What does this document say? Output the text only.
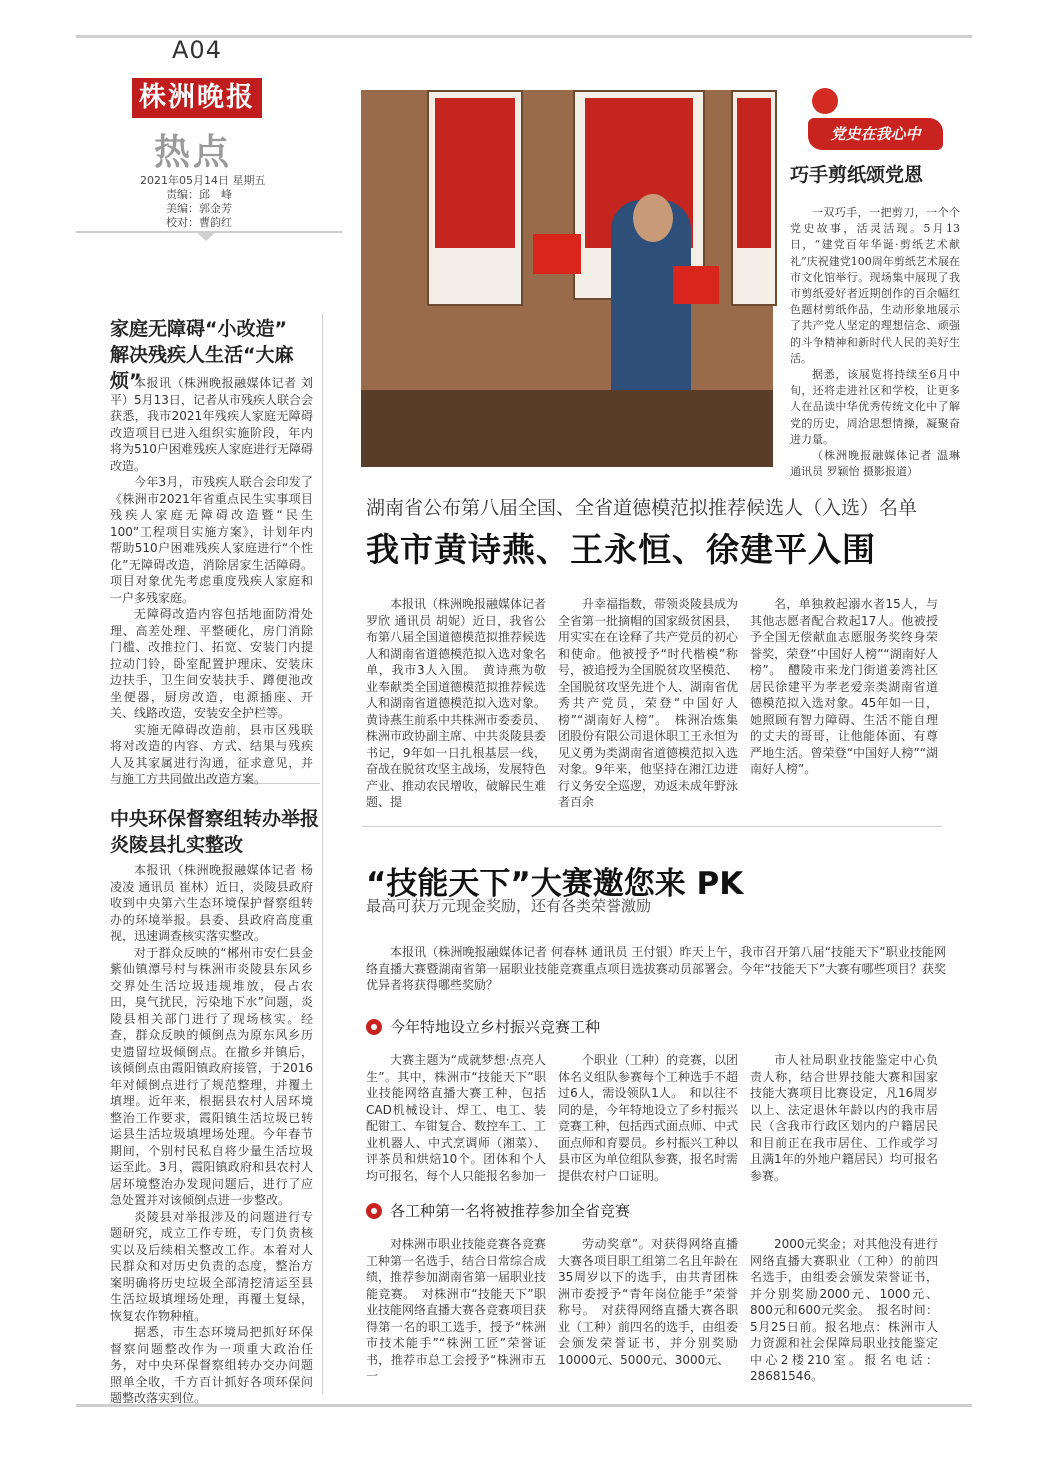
A04
株洲晚报
热点
2021年05月14日 星期五
责编：邱　峰
美编：郭金芳
校对：曹韵红
家庭无障碍“小改造”
解决残疾人生活“大麻烦”

本报讯（株洲晚报融媒体记者 刘平）5月13日，记者从市残疾人联合会获悉，我市2021年残疾人家庭无障碍改造项目已进入组织实施阶段，年内将为510户困难残疾人家庭进行无障碍改造。

今年3月，市残疾人联合会印发了《株洲市2021年省重点民生实事项目残疾人家庭无障碍改造暨“民生100”工程项目实施方案》，计划年内帮助510户困难残疾人家庭进行“个性化”无障碍改造，消除居家生活障碍。项目对象优先考虑重度残疾人家庭和一户多残家庭。

无障碍改造内容包括地面防滑处理、高差处理、平整硬化，房门消除门槛、改推拉门、拓宽、安装门内提拉动门铃，卧室配置护理床、安装床边扶手，卫生间安装扶手、蹲便池改坐便器，厨房改造，电源插座、开关、线路改造，安装安全护栏等。

实施无障碍改造前，县市区残联将对改造的内容、方式、结果与残疾人及其家属进行沟通，征求意见，并与施工方共同做出改造方案。

中央环保督察组转办举报
炎陵县扎实整改

本报讯（株洲晚报融媒体记者 杨凌凌 通讯员 崔林）近日，炎陵县政府收到中央第六生态环境保护督察组转办的环境举报。县委、县政府高度重视，迅速调查核实落实整改。

对于群众反映的“郴州市安仁县金紫仙镇潭号村与株洲市炎陵县东风乡交界处生活垃圾违规堆放，侵占农田，臭气扰民，污染地下水”问题，炎陵县相关部门进行了现场核实。经查，群众反映的倾倒点为原东风乡历史遗留垃圾倾倒点。在撤乡并镇后，该倾倒点由霞阳镇政府接管，于2016年对倾倒点进行了规范整理，并覆土填埋。近年来，根据县农村人居环境整治工作要求，霞阳镇生活垃圾已转运县生活垃圾填埋场处理。今年春节期间，个别村民私自将少量生活垃圾运至此。3月，霞阳镇政府和县农村人居环境整治办发现问题后，进行了应急处置并对该倾倒点进一步整改。

炎陵县对举报涉及的问题进行专题研究，成立工作专班，专门负责核实以及后续相关整改工作。本着对人民群众和对历史负责的态度，整治方案明确将历史垃圾全部清挖清运至县生活垃圾填埋场处理，再覆土复绿，恢复农作物种植。

据悉，市生态环境局把抓好环保督察问题整改作为一项重大政治任务，对中央环保督察组转办交办问题照单全收，千方百计抓好各项环保问题整改落实到位。

党史在我心中
巧手剪纸颂党恩

一双巧手，一把剪刀，一个个党史故事，活灵活现。5月13日，“建党百年华诞·剪纸艺术献礼”庆祝建党100周年剪纸艺术展在市文化馆举行。现场集中展现了我市剪纸爱好者近期创作的百余幅红色题材剪纸作品，生动形象地展示了共产党人坚定的理想信念、顽强的斗争精神和新时代人民的美好生活。

据悉，该展览将持续至6月中旬，还将走进社区和学校，让更多人在品读中华优秀传统文化中了解党的历史，周洽思想情操，凝聚奋进力量。

（株洲晚报融媒体记者 温琳 通讯员 罗颖怡 摄影报道）

湖南省公布第八届全国、全省道德模范拟推荐候选人（入选）名单
我市黄诗燕、王永恒、徐建平入围

本报讯（株洲晚报融媒体记者 罗欣 通讯员 胡妮）近日，我省公布第八届全国道德模范拟推荐候选人和湖南省道德模范拟入选对象名单，我市3人入围。　黄诗燕为敬业奉献类全国道德模范拟推荐候选人和湖南省道德模范拟入选对象。黄诗燕生前系中共株洲市委委员、株洲市政协副主席、中共炎陵县委书记，9年如一日扎根基层一线，奋战在脱贫攻坚主战场，发展特色产业、推动农民增收，破解民生难题、提

升幸福指数，带领炎陵县成为全省第一批摘帽的国家级贫困县，用实实在在诠释了共产党员的初心和使命。他被授予“时代楷模”称号，被追授为全国脱贫攻坚模范、全国脱贫攻坚先进个人、湖南省优秀共产党员，荣登“中国好人榜”“湖南好人榜”。　株洲冶炼集团股份有限公司退休职工王永恒为见义勇为类湖南省道德模范拟入选对象。9年来，他坚持在湘江边进行义务安全巡逻，劝返未成年野泳者百余

名，单独救起溺水者15人，与其他志愿者配合救起17人。他被授予全国无偿献血志愿服务奖终身荣誉奖，荣登“中国好人榜”“湖南好人榜”。　醴陵市来龙门街道姜湾社区居民徐建平为孝老爱亲类湖南省道德模范拟入选对象。45年如一日，她照顾有智力障碍、生活不能自理的丈夫的哥哥，让他能体面、有尊严地生活。曾荣登“中国好人榜”“湖南好人榜”。

“技能天下”大赛邀您来 PK
最高可获万元现金奖励，还有各类荣誉激励

本报讯（株洲晚报融媒体记者 何春林 通讯员 王付银）昨天上午，我市召开第八届“技能天下”职业技能网络直播大赛暨湖南省第一届职业技能竞赛重点项目选拔赛动员部署会。今年“技能天下”大赛有哪些项目？获奖优异者将获得哪些奖励？

今年特地设立乡村振兴竞赛工种

大赛主题为“成就梦想·点亮人生”。其中，株洲市“技能天下”职业技能网络直播大赛工种，包括CAD机械设计、焊工、电工、装配钳工、车钳复合、数控车工、工业机器人、中式烹调师（湘菜）、评茶员和烘焙10个。团体和个人均可报名，每个人只能报名参加一

个职业（工种）的竞赛，以团体名义组队参赛每个工种选手不超过6人，需设领队1人。　和以往不同的是，今年特地设立了乡村振兴竞赛工种，包括西式面点师、中式面点师和育婴员。乡村振兴工种以县市区为单位组队参赛，报名时需提供农村户口证明。

市人社局职业技能鉴定中心负责人称，结合世界技能大赛和国家技能大赛项目比赛设定，凡16周岁以上、法定退休年龄以内的我市居民（含我市行政区划内的户籍居民和目前正在我市居住、工作或学习且满1年的外地户籍居民）均可报名参赛。

各工种第一名将被推荐参加全省竞赛

对株洲市职业技能竞赛各竞赛工种第一名选手，结合日常综合成绩，推荐参加湖南省第一届职业技能竞赛。　对株洲市“技能天下”职业技能网络直播大赛各竞赛项目获得第一名的职工选手，授予“株洲市技术能手”“株洲工匠”荣誉证书，推荐市总工会授予“株洲市五一

劳动奖章”。对获得网络直播大赛各项目职工组第二名且年龄在35周岁以下的选手，由共青团株洲市委授予“青年岗位能手”荣誉称号。　对获得网络直播大赛各职业（工种）前四名的选手，由组委会颁发荣誉证书，并分别奖励10000元、5000元、3000元、

2000元奖金；对其他没有进行网络直播大赛职业（工种）的前四名选手，由组委会颁发荣誉证书，并分别奖励2000元、1000元、800元和600元奖金。　报名时间：5月25日前。报名地点：株洲市人力资源和社会保障局职业技能鉴定中心2楼210室。报名电话：28681546。
